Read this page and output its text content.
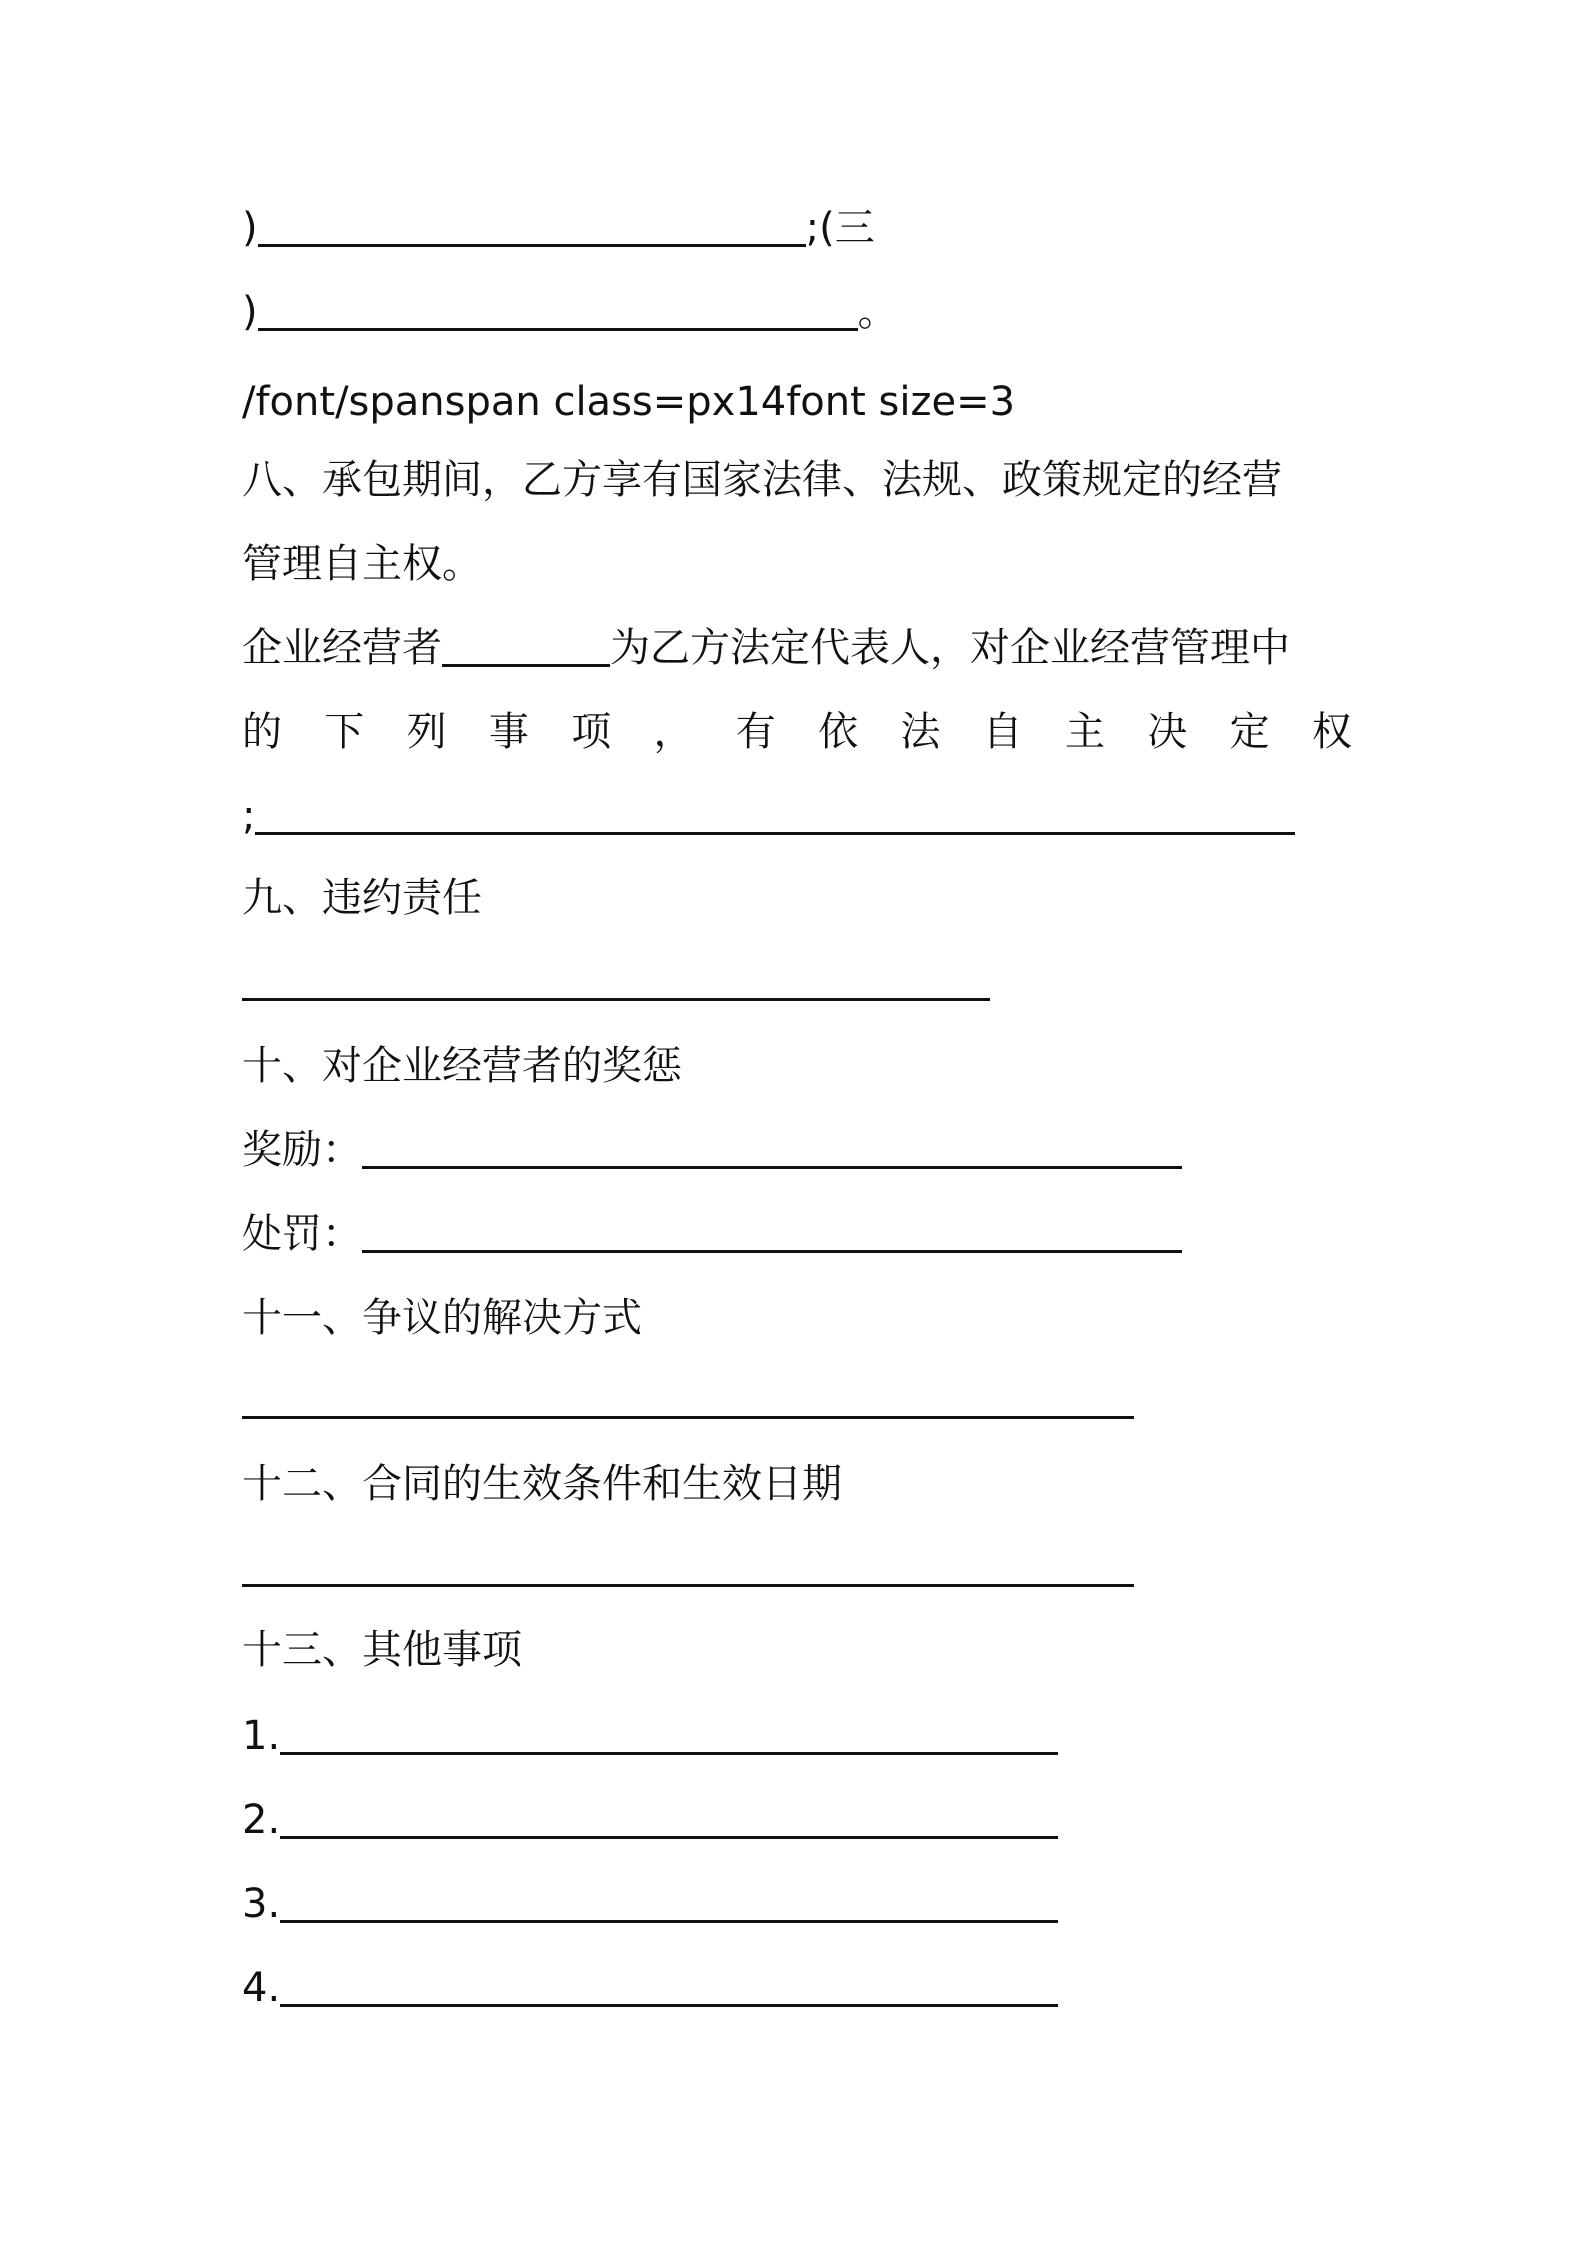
)	;(三
)	。
/font/spanspan class=px14font size=3
八、承包期间，乙方享有国家法律、法规、政策规定的经营
管理自主权。
企业经营者	为乙方法定代表人，对企业经营管理中
的 下 列 事 项 ， 有 依 法 自 主 决 定 权
;
九、违约责任
十、对企业经营者的奖惩
奖励：
处罚：
十一、争议的解决方式
十二、合同的生效条件和生效日期
十三、其他事项
1.
2.
3.
4.
